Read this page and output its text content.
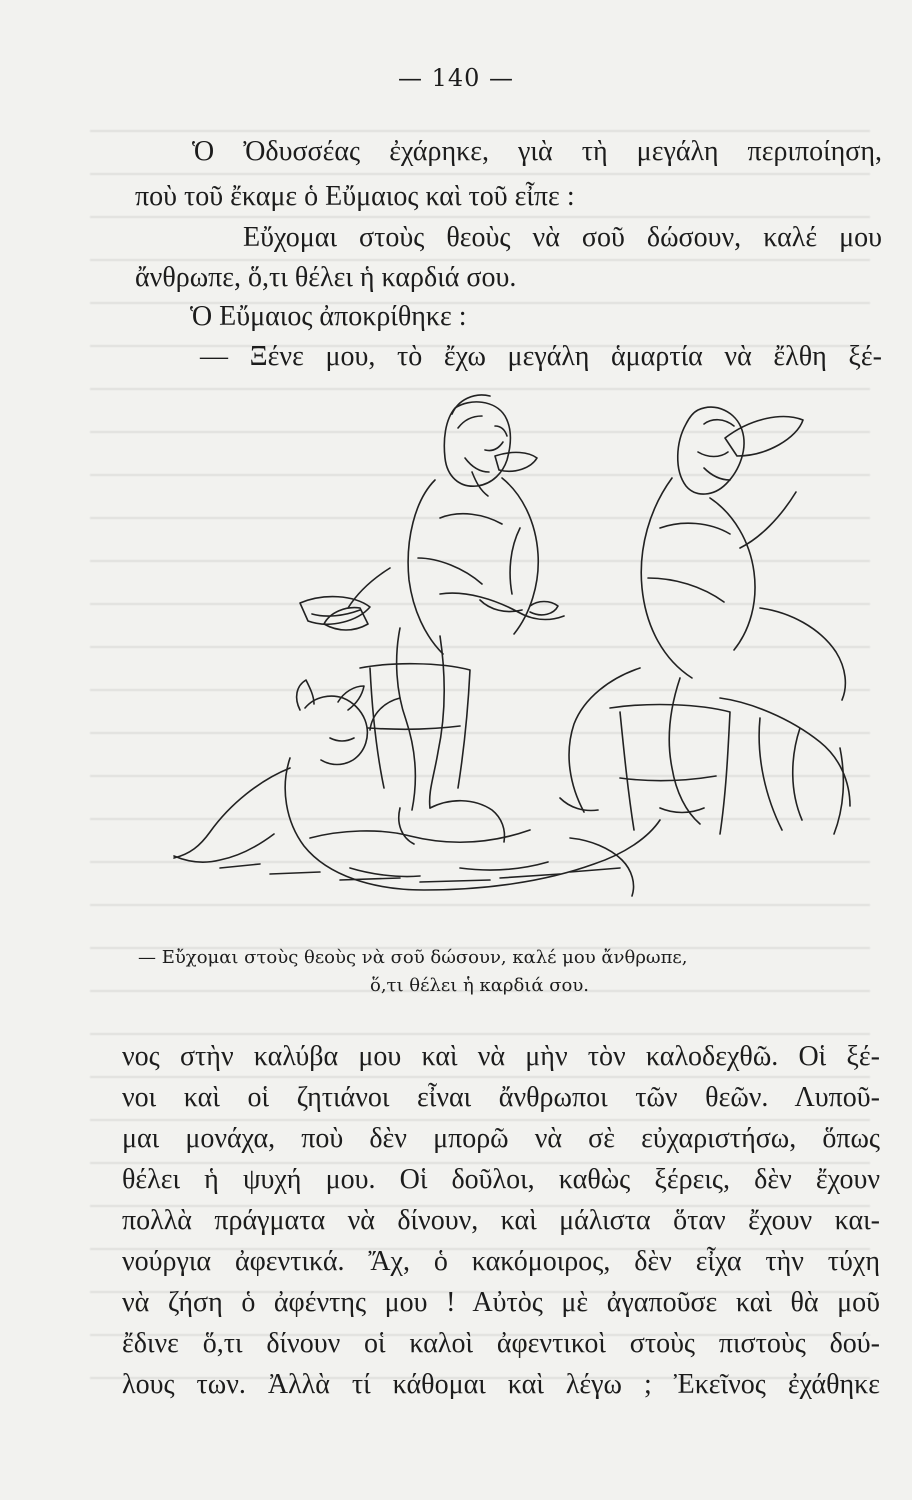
— 140 —
Ὁ Ὀδυσσέας ἐχάρηκε, γιὰ τὴ μεγάλη περιποίηση,
ποὺ τοῦ ἔκαμε ὁ Εὔμαιος καὶ τοῦ εἶπε :
Εὔχομαι στοὺς θεοὺς νὰ σοῦ δώσουν, καλέ μου
ἄνθρωπε, ὅ,τι θέλει ἡ καρδιά σου.
Ὁ Εὔμαιος ἀποκρίθηκε :
— Ξένε μου, τὸ ἔχω μεγάλη ἁμαρτία νὰ ἔλθη ξέ-
— Εὔχομαι στοὺς θεοὺς νὰ σοῦ δώσουν, καλέ μου ἄνθρωπε,
ὅ,τι θέλει ἡ καρδιά σου.
νος στὴν καλύβα μου καὶ νὰ μὴν τὸν καλοδεχθῶ. Οἱ ξέ-
νοι καὶ οἱ ζητιάνοι εἶναι ἄνθρωποι τῶν θεῶν. Λυποῦ-
μαι μονάχα, ποὺ δὲν μπορῶ νὰ σὲ εὐχαριστήσω, ὅπως
θέλει ἡ ψυχή μου. Οἱ δοῦλοι, καθὼς ξέρεις, δὲν ἔχουν
πολλὰ πράγματα νὰ δίνουν, καὶ μάλιστα ὅταν ἔχουν και-
νούργια ἀφεντικά. Ἄχ, ὁ κακόμοιρος, δὲν εἶχα τὴν τύχη
νὰ ζήση ὁ ἀφέντης μου ! Αὐτὸς μὲ ἀγαποῦσε καὶ θὰ μοῦ
ἔδινε ὅ,τι δίνουν οἱ καλοὶ ἀφεντικοὶ στοὺς πιστοὺς δού-
λους των. Ἀλλὰ τί κάθομαι καὶ λέγω ; Ἐκεῖνος ἐχάθηκε
